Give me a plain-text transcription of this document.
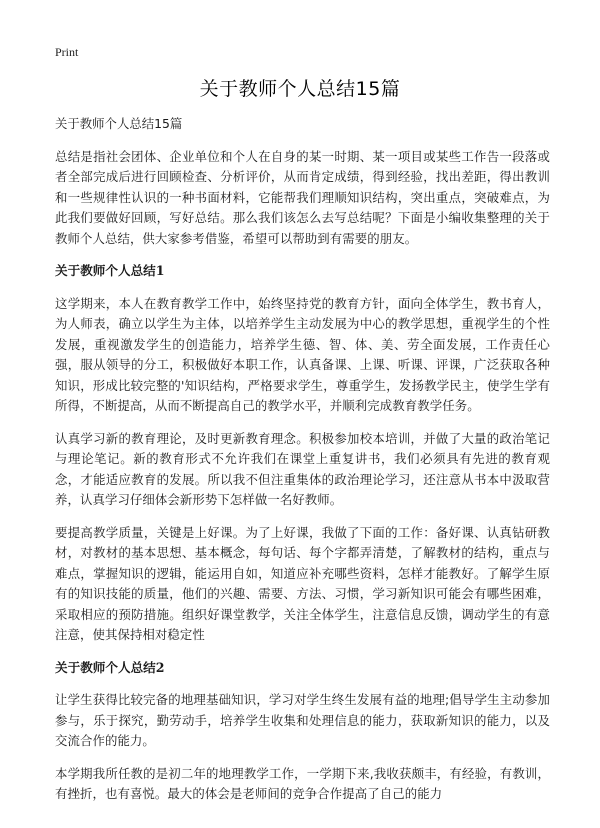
Print
关于教师个人总结15篇

关于教师个人总结15篇

总结是指社会团体、企业单位和个人在自身的某一时期、某一项目或某些工作告一段落或者全部完成后进行回顾检查、分析评价，从而肯定成绩，得到经验，找出差距，得出教训和一些规律性认识的一种书面材料，它能帮我们理顺知识结构，突出重点，突破难点，为此我们要做好回顾，写好总结。那么我们该怎么去写总结呢？下面是小编收集整理的关于教师个人总结，供大家参考借鉴，希望可以帮助到有需要的朋友。

关于教师个人总结1

这学期来，本人在教育教学工作中，始终坚持党的教育方针，面向全体学生，教书育人，为人师表，确立以学生为主体，以培养学生主动发展为中心的教学思想，重视学生的个性发展，重视激发学生的创造能力，培养学生德、智、体、美、劳全面发展，工作责任心强，服从领导的分工，积极做好本职工作，认真备课、上课、听课、评课，广泛获取各种知识，形成比较完整的'知识结构，严格要求学生，尊重学生，发扬教学民主，使学生学有所得，不断提高，从而不断提高自己的教学水平，并顺利完成教育教学任务。

认真学习新的教育理论，及时更新教育理念。积极参加校本培训，并做了大量的政治笔记与理论笔记。新的教育形式不允许我们在课堂上重复讲书，我们必须具有先进的教育观念，才能适应教育的发展。所以我不但注重集体的政治理论学习，还注意从书本中汲取营养，认真学习仔细体会新形势下怎样做一名好教师。

要提高教学质量，关键是上好课。为了上好课，我做了下面的工作：备好课、认真钻研教材，对教材的基本思想、基本概念，每句话、每个字都弄清楚，了解教材的结构，重点与难点，掌握知识的逻辑，能运用自如，知道应补充哪些资料，怎样才能教好。了解学生原有的知识技能的质量，他们的兴趣、需要、方法、习惯，学习新知识可能会有哪些困难，采取相应的预防措施。组织好课堂教学，关注全体学生，注意信息反馈，调动学生的有意注意，使其保持相对稳定性

关于教师个人总结2

让学生获得比较完备的地理基础知识，学习对学生终生发展有益的地理;倡导学生主动参加参与，乐于探究，勤劳动手，培养学生收集和处理信息的能力，获取新知识的能力，以及交流合作的能力。

本学期我所任教的是初二年的地理教学工作，一学期下来,我收获颇丰，有经验，有教训，有挫折，也有喜悦。最大的体会是老师间的竞争合作提高了自己的能力
